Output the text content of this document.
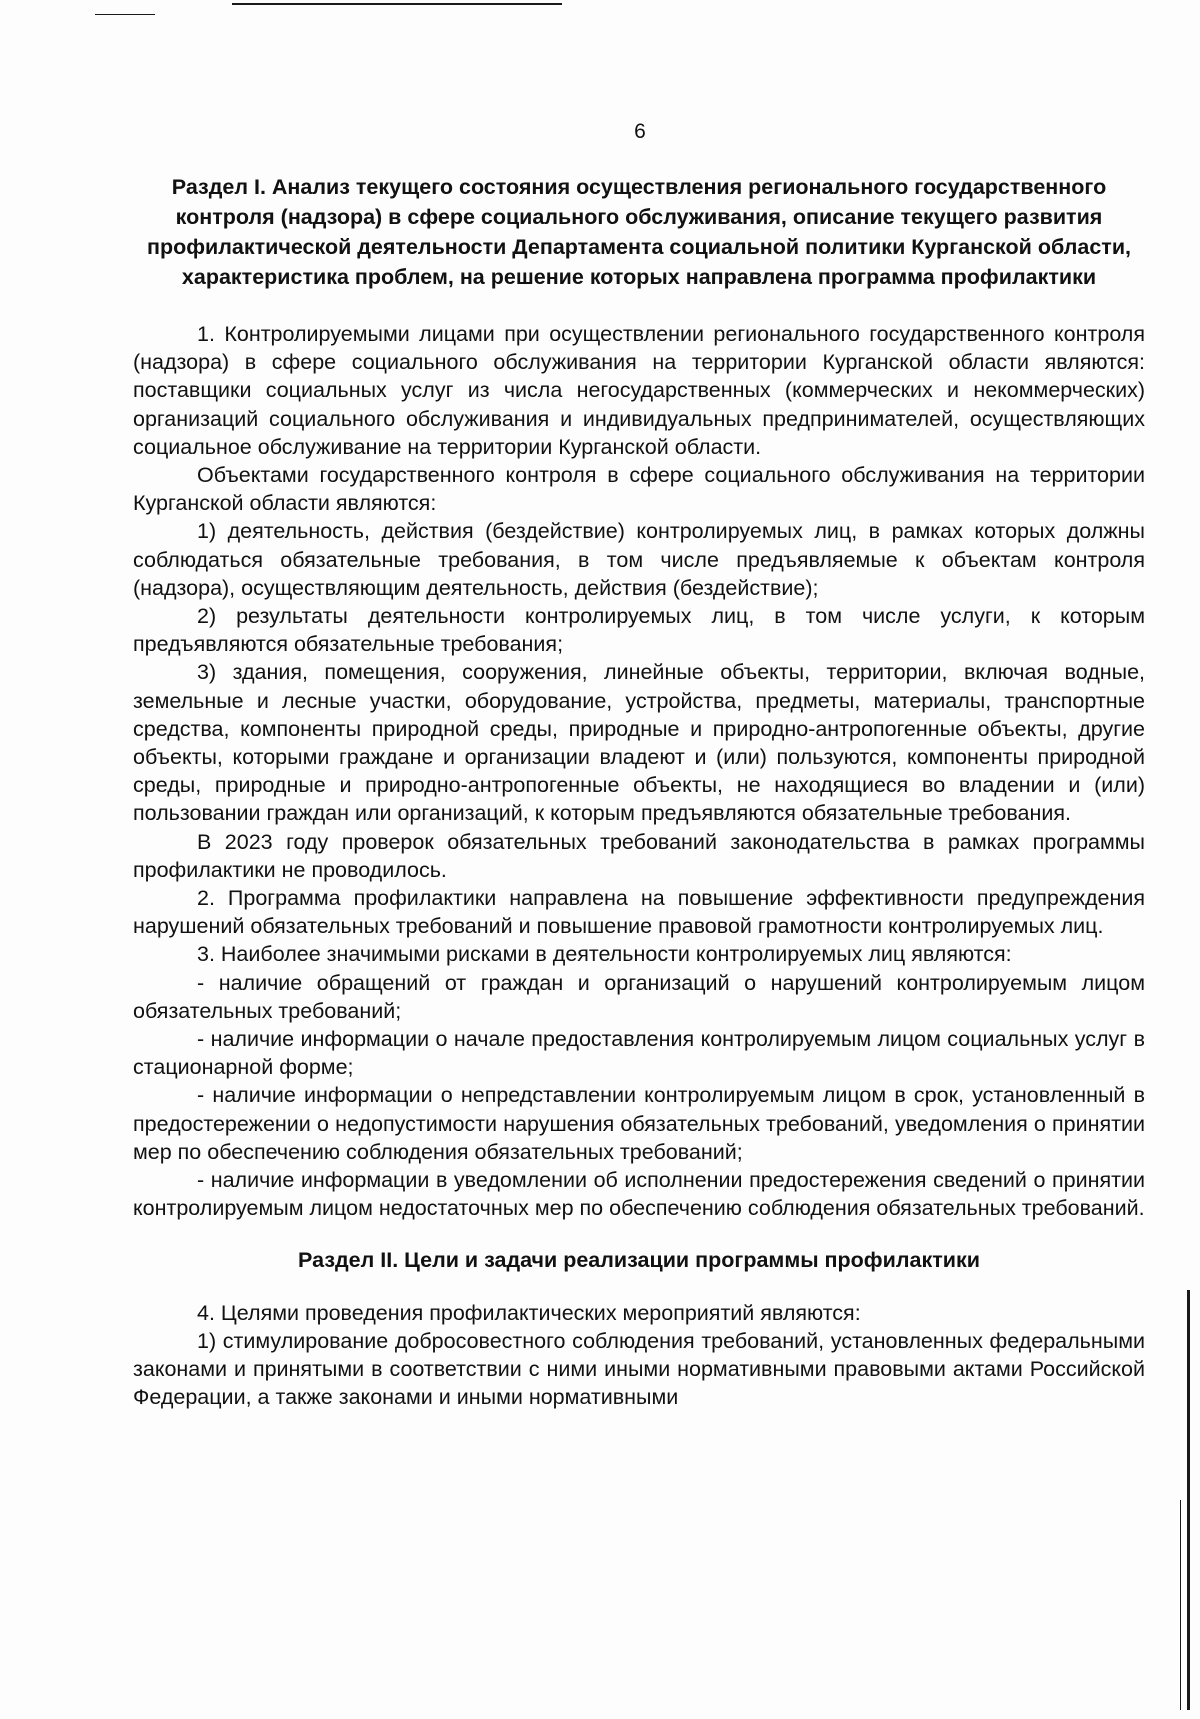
6

Раздел I. Анализ текущего состояния осуществления регионального государственного контроля (надзора) в сфере социального обслуживания, описание текущего развития профилактической деятельности Департамента социальной политики Курганской области, характеристика проблем, на решение которых направлена программа профилактики

1. Контролируемыми лицами при осуществлении регионального государственного контроля (надзора) в сфере социального обслуживания на территории Курганской области являются: поставщики социальных услуг из числа негосударственных (коммерческих и некоммерческих) организаций социального обслуживания и индивидуальных предпринимателей, осуществляющих социальное обслуживание на территории Курганской области.

Объектами государственного контроля в сфере социального обслуживания на территории Курганской области являются:

1) деятельность, действия (бездействие) контролируемых лиц, в рамках которых должны соблюдаться обязательные требования, в том числе предъявляемые к объектам контроля (надзора), осуществляющим деятельность, действия (бездействие);

2) результаты деятельности контролируемых лиц, в том числе услуги, к которым предъявляются обязательные требования;

3) здания, помещения, сооружения, линейные объекты, территории, включая водные, земельные и лесные участки, оборудование, устройства, предметы, материалы, транспортные средства, компоненты природной среды, природные и природно-антропогенные объекты, другие объекты, которыми граждане и организации владеют и (или) пользуются, компоненты природной среды, природные и природно-антропогенные объекты, не находящиеся во владении и (или) пользовании граждан или организаций, к которым предъявляются обязательные требования.

В 2023 году проверок обязательных требований законодательства в рамках программы профилактики не проводилось.

2. Программа профилактики направлена на повышение эффективности предупреждения нарушений обязательных требований и повышение правовой грамотности контролируемых лиц.

3. Наиболее значимыми рисками в деятельности контролируемых лиц являются:

- наличие обращений от граждан и организаций о нарушений контролируемым лицом обязательных требований;

- наличие информации о начале предоставления контролируемым лицом социальных услуг в стационарной форме;

- наличие информации о непредставлении контролируемым лицом в срок, установленный в предостережении о недопустимости нарушения обязательных требований, уведомления о принятии мер по обеспечению соблюдения обязательных требований;

- наличие информации в уведомлении об исполнении предостережения сведений о принятии контролируемым лицом недостаточных мер по обеспечению соблюдения обязательных требований.

Раздел II. Цели и задачи реализации программы профилактики

4. Целями проведения профилактических мероприятий являются:

1) стимулирование добросовестного соблюдения требований, установленных федеральными законами и принятыми в соответствии с ними иными нормативными правовыми актами Российской Федерации, а также законами и иными нормативными
